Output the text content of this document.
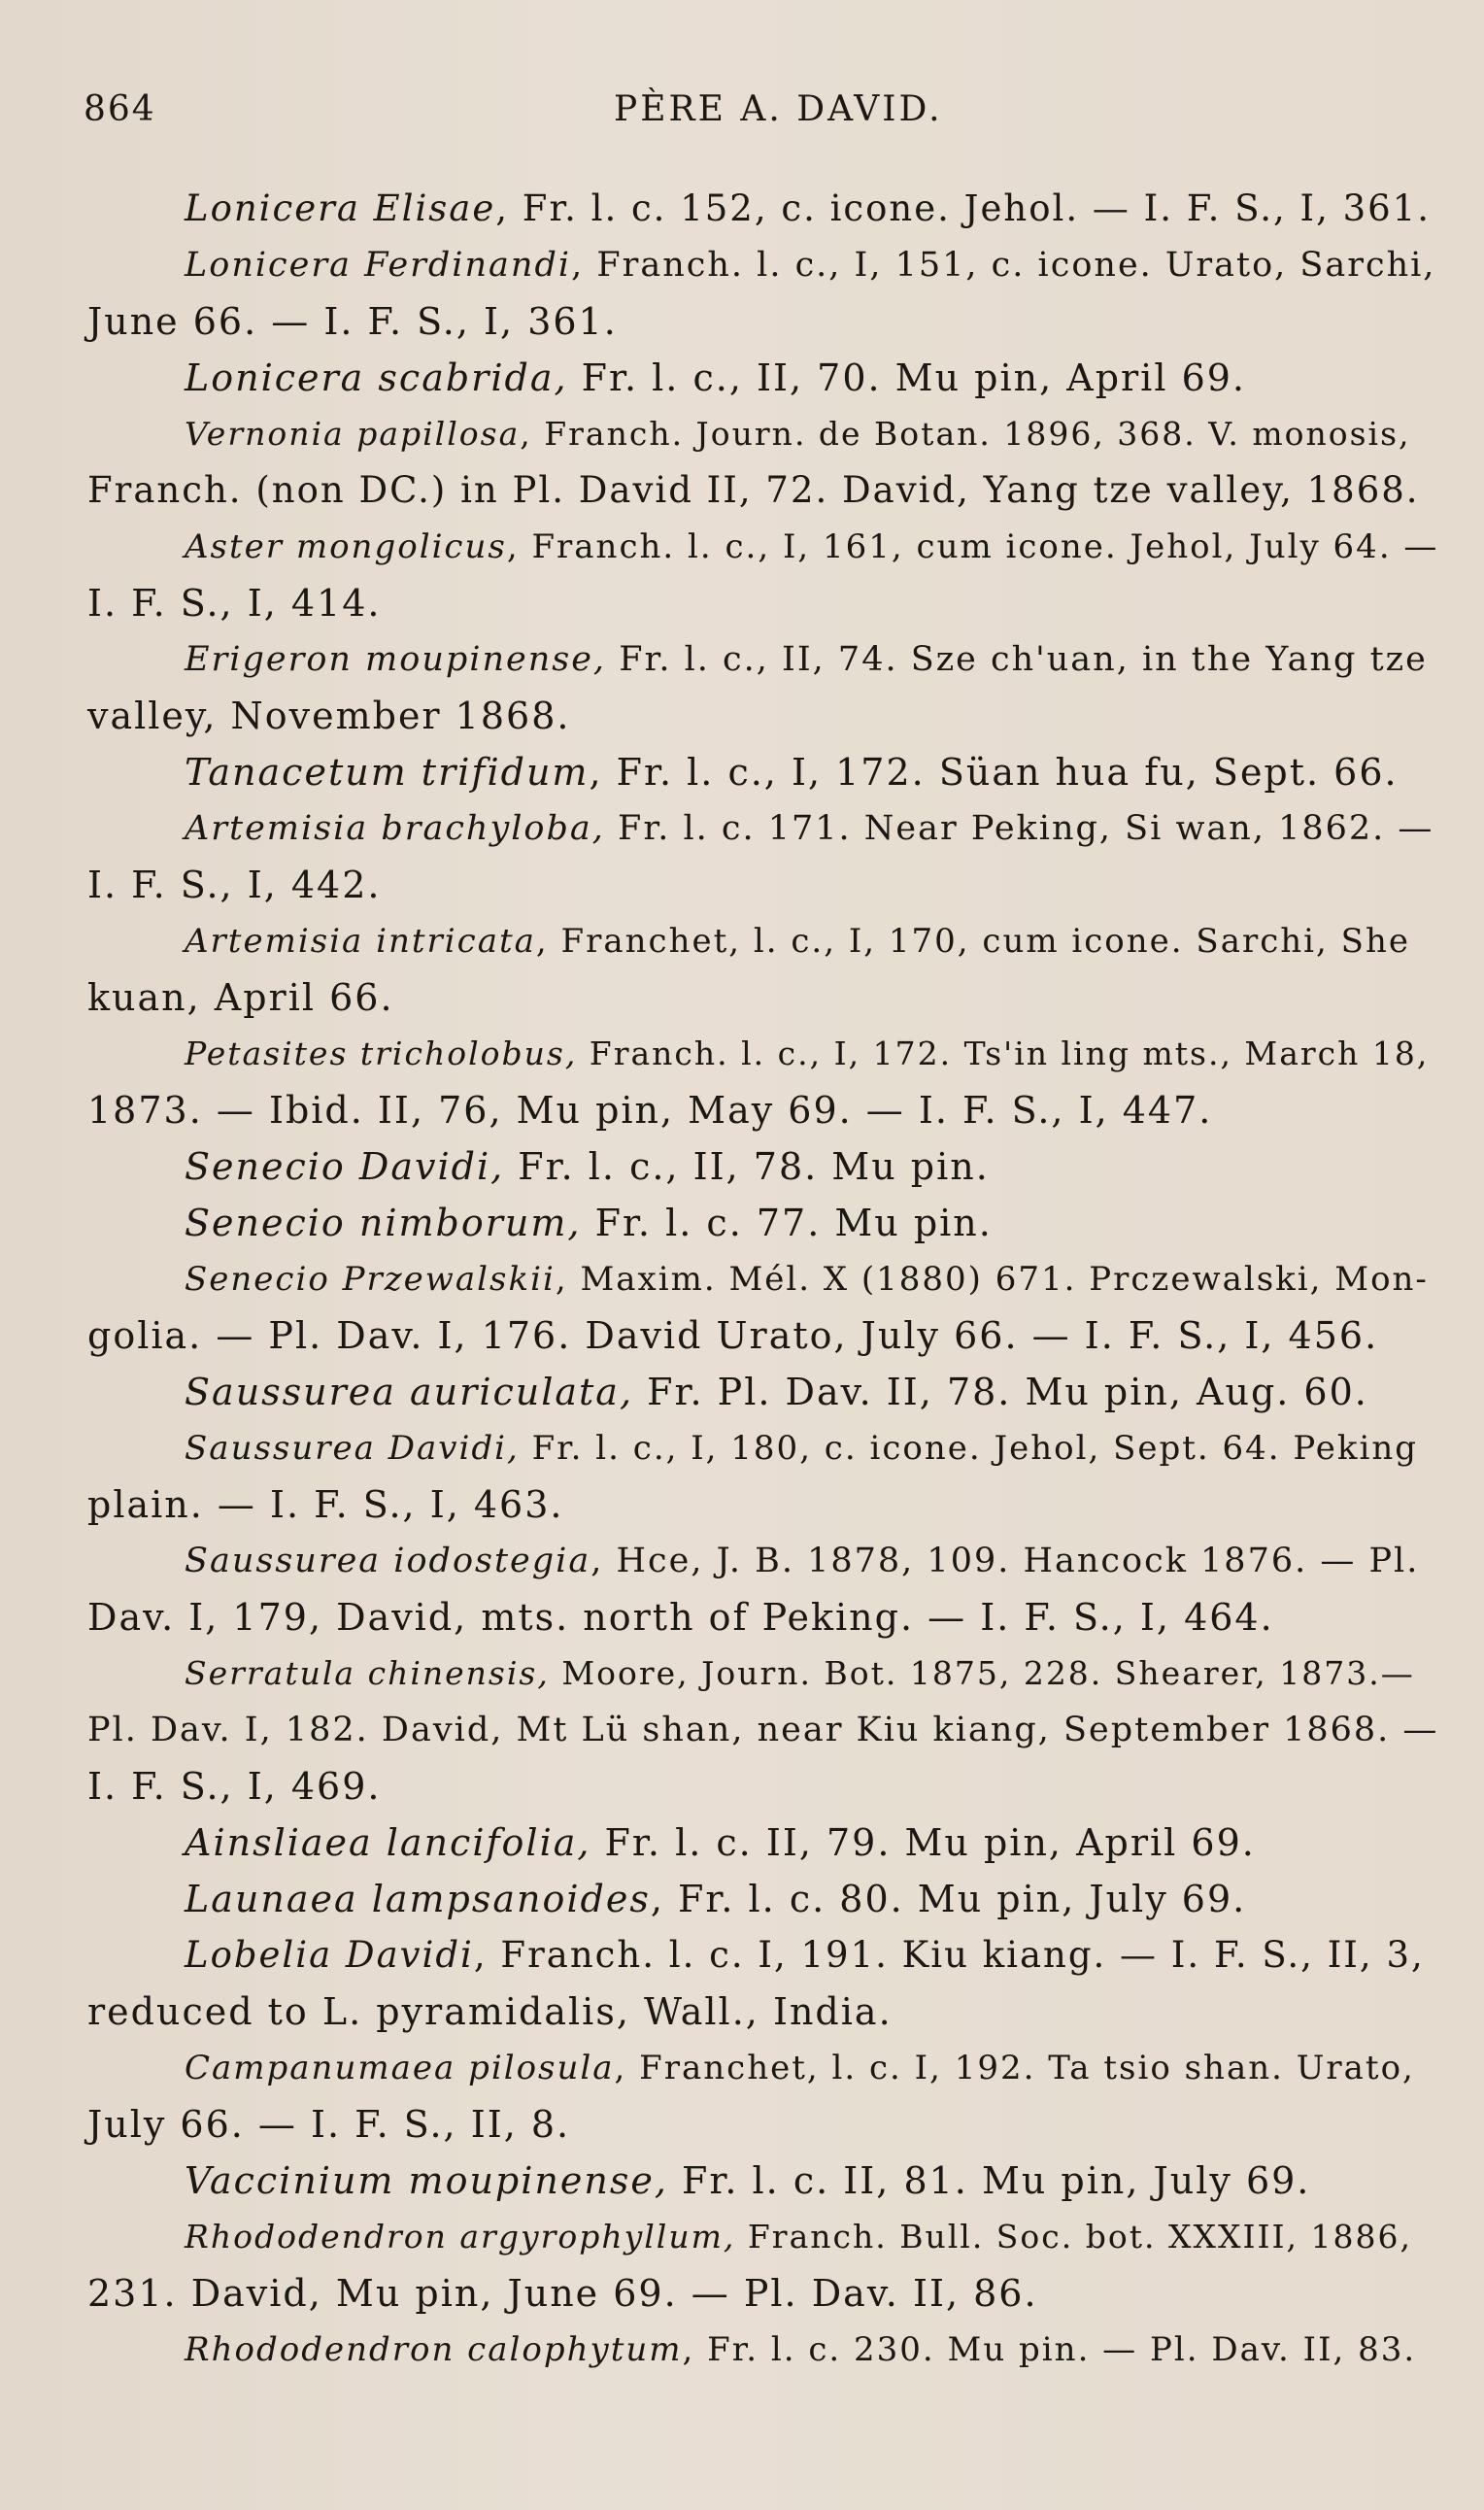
864	PÈRE A. DAVID.
Lonicera Elisae, Fr. l. c. 152, c. icone. Jehol. — I. F. S., I, 361.
Lonicera Ferdinandi, Franch. l. c., I, 151, c. icone. Urato, Sarchi,
June 66. — I. F. S., I, 361.
Lonicera scabrida, Fr. l. c., II, 70. Mu pin, April 69.
Vernonia papillosa, Franch. Journ. de Botan. 1896, 368. V. monosis,
Franch. (non DC.) in Pl. David II, 72. David, Yang tze valley, 1868.
Aster mongolicus, Franch. l. c., I, 161, cum icone. Jehol, July 64. —
I. F. S., I, 414.
Erigeron moupinense, Fr. l. c., II, 74. Sze ch'uan, in the Yang tze
valley, November 1868.
Tanacetum trifidum, Fr. l. c., I, 172. Süan hua fu, Sept. 66.
Artemisia brachyloba, Fr. l. c. 171. Near Peking, Si wan, 1862. —
I. F. S., I, 442.
Artemisia intricata, Franchet, l. c., I, 170, cum icone. Sarchi, She
kuan, April 66.
Petasites tricholobus, Franch. l. c., I, 172. Ts'in ling mts., March 18,
1873. — Ibid. II, 76, Mu pin, May 69. — I. F. S., I, 447.
Senecio Davidi, Fr. l. c., II, 78. Mu pin.
Senecio nimborum, Fr. l. c. 77. Mu pin.
Senecio Przewalskii, Maxim. Mél. X (1880) 671. Prczewalski, Mon-
golia. — Pl. Dav. I, 176. David Urato, July 66. — I. F. S., I, 456.
Saussurea auriculata, Fr. Pl. Dav. II, 78. Mu pin, Aug. 60.
Saussurea Davidi, Fr. l. c., I, 180, c. icone. Jehol, Sept. 64. Peking
plain. — I. F. S., I, 463.
Saussurea iodostegia, Hce, J. B. 1878, 109. Hancock 1876. — Pl.
Dav. I, 179, David, mts. north of Peking. — I. F. S., I, 464.
Serratula chinensis, Moore, Journ. Bot. 1875, 228. Shearer, 1873.—
Pl. Dav. I, 182. David, Mt Lü shan, near Kiu kiang, September 1868. —
I. F. S., I, 469.
Ainsliaea lancifolia, Fr. l. c. II, 79. Mu pin, April 69.
Launaea lampsanoides, Fr. l. c. 80. Mu pin, July 69.
Lobelia Davidi, Franch. l. c. I, 191. Kiu kiang. — I. F. S., II, 3,
reduced to L. pyramidalis, Wall., India.
Campanumaea pilosula, Franchet, l. c. I, 192. Ta tsio shan. Urato,
July 66. — I. F. S., II, 8.
Vaccinium moupinense, Fr. l. c. II, 81. Mu pin, July 69.
Rhododendron argyrophyllum, Franch. Bull. Soc. bot. XXXIII, 1886,
231. David, Mu pin, June 69. — Pl. Dav. II, 86.
Rhododendron calophytum, Fr. l. c. 230. Mu pin. — Pl. Dav. II, 83.
